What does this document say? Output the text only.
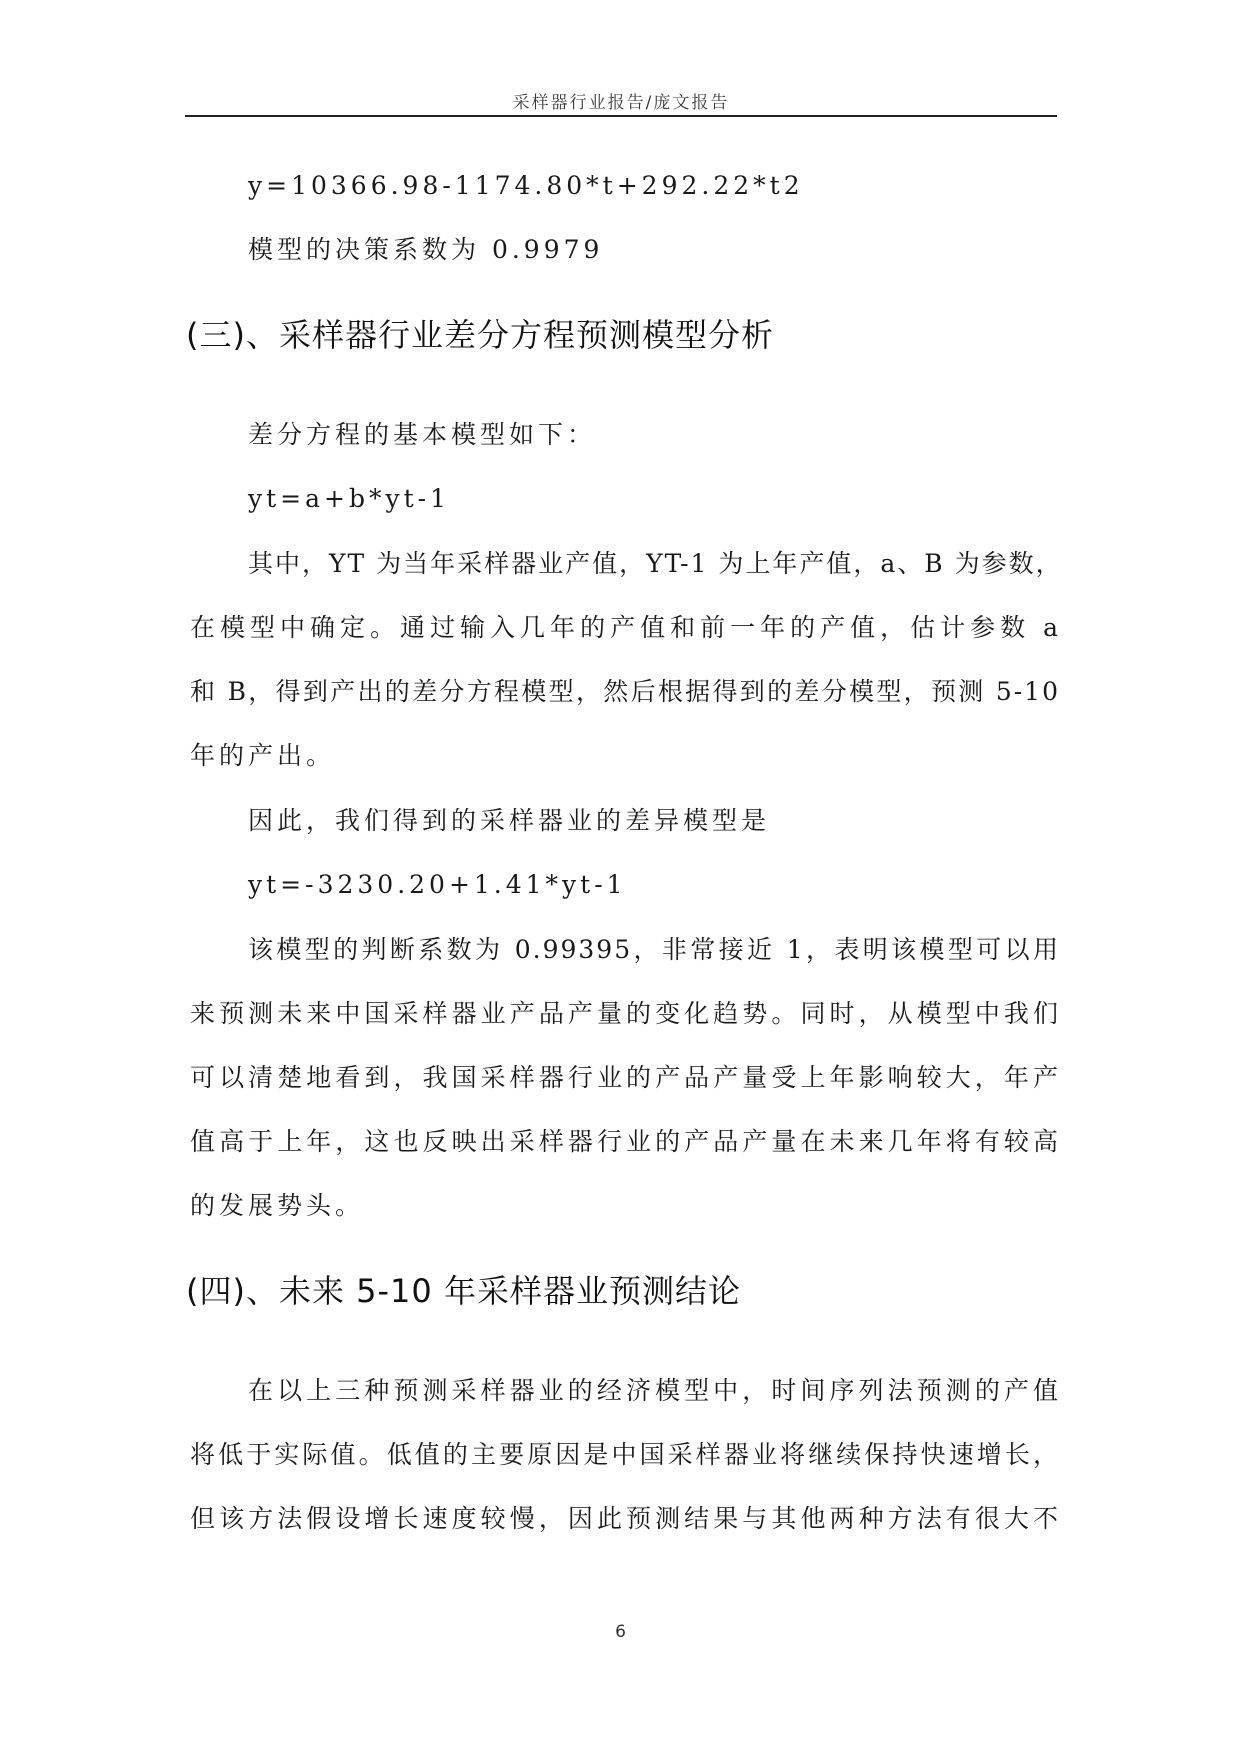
采样器行业报告/庞文报告
y=10366.98-1174.80*t+292.22*t2
模型的决策系数为 0.9979
(三)、采样器行业差分方程预测模型分析
差分方程的基本模型如下：
yt=a+b*yt-1
其中，YT 为当年采样器业产值，YT-1 为上年产值，a、B 为参数，
在模型中确定。通过输入几年的产值和前一年的产值，估计参数 a
和 B，得到产出的差分方程模型，然后根据得到的差分模型，预测 5-10
年的产出。
因此，我们得到的采样器业的差异模型是
yt=-3230.20+1.41*yt-1
该模型的判断系数为 0.99395，非常接近 1，表明该模型可以用
来预测未来中国采样器业产品产量的变化趋势。同时，从模型中我们
可以清楚地看到，我国采样器行业的产品产量受上年影响较大，年产
值高于上年，这也反映出采样器行业的产品产量在未来几年将有较高
的发展势头。
(四)、未来 5-10 年采样器业预测结论
在以上三种预测采样器业的经济模型中，时间序列法预测的产值
将低于实际值。低值的主要原因是中国采样器业将继续保持快速增长，
但该方法假设增长速度较慢，因此预测结果与其他两种方法有很大不
6
